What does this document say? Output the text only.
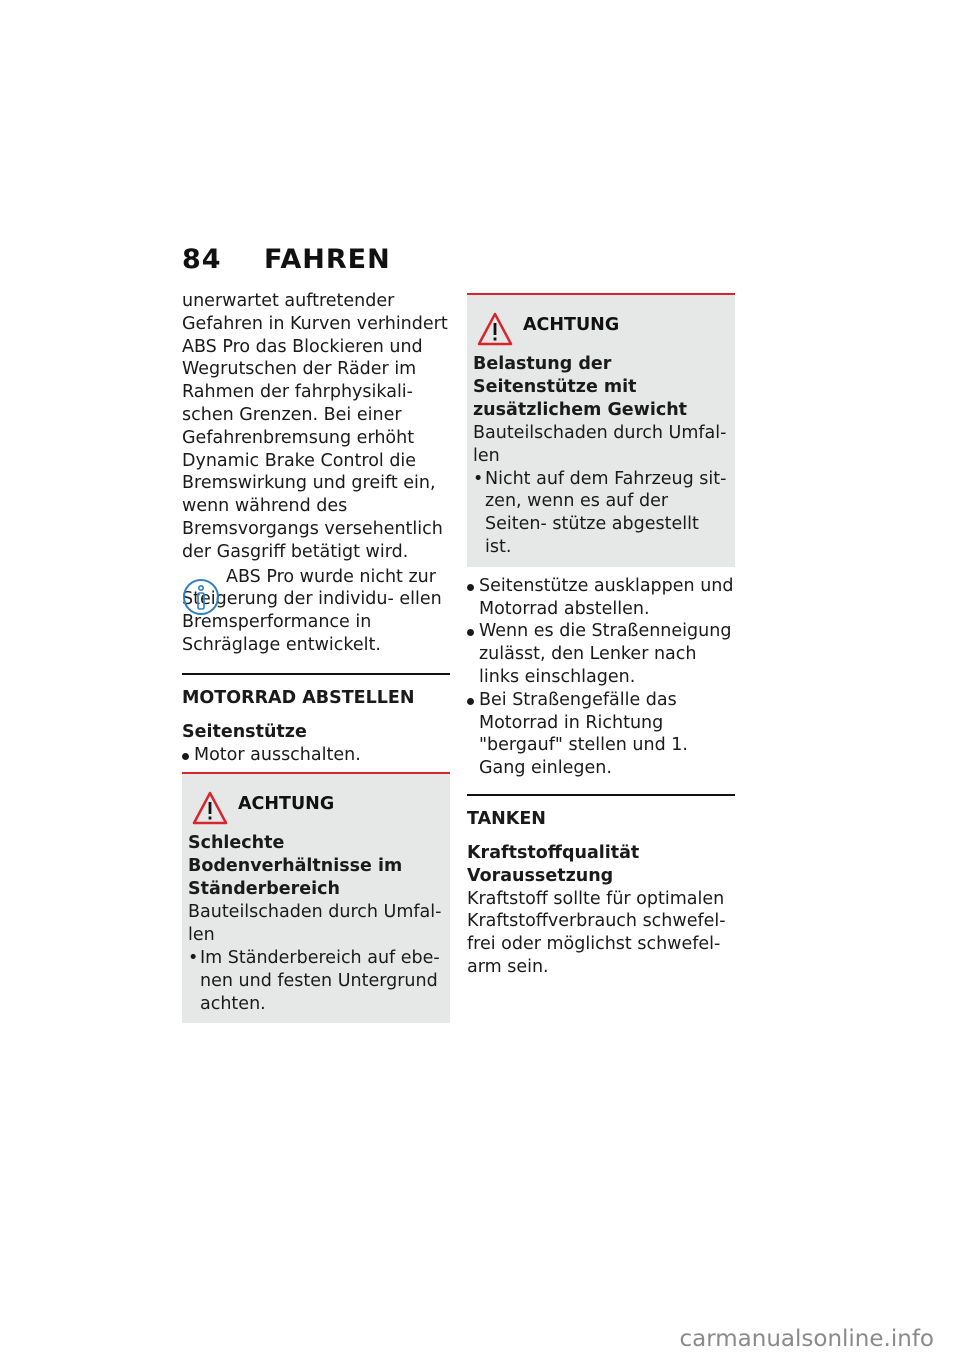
84 FAHREN

unerwartet auftretender Gefahren in Kurven verhindert ABS Pro das Blockieren und Wegrutschen der Räder im Rahmen der fahrphysikali- schen Grenzen. Bei einer Gefahrenbremsung erhöht Dynamic Brake Control die Bremswirkung und greift ein, wenn während des Bremsvorgangs versehentlich der Gasgriff betätigt wird.

ABS Pro wurde nicht zur Steigerung der individu- ellen Bremsperformance in Schräglage entwickelt.

MOTORRAD ABSTELLEN

Seitenstütze

Motor ausschalten.
ACHTUNG

Schlechte Bodenverhältnisse im Ständerbereich

Bauteilschaden durch Umfal- len

• Im Ständerbereich auf ebe- nen und festen Untergrund achten.
ACHTUNG

Belastung der Seitenstütze mit zusätzlichem Gewicht

Bauteilschaden durch Umfal- len

• Nicht auf dem Fahrzeug sit- zen, wenn es auf der Seiten- stütze abgestellt ist.
Seitenstütze ausklappen und Motorrad abstellen.
Wenn es die Straßenneigung zulässt, den Lenker nach links einschlagen.
Bei Straßengefälle das Motorrad in Richtung "bergauf" stellen und 1. Gang einlegen.
TANKEN

Kraftstoffqualität

Voraussetzung

Kraftstoff sollte für optimalen Kraftstoffverbrauch schwefel- frei oder möglichst schwefel- arm sein.

carmanualsonline.info
